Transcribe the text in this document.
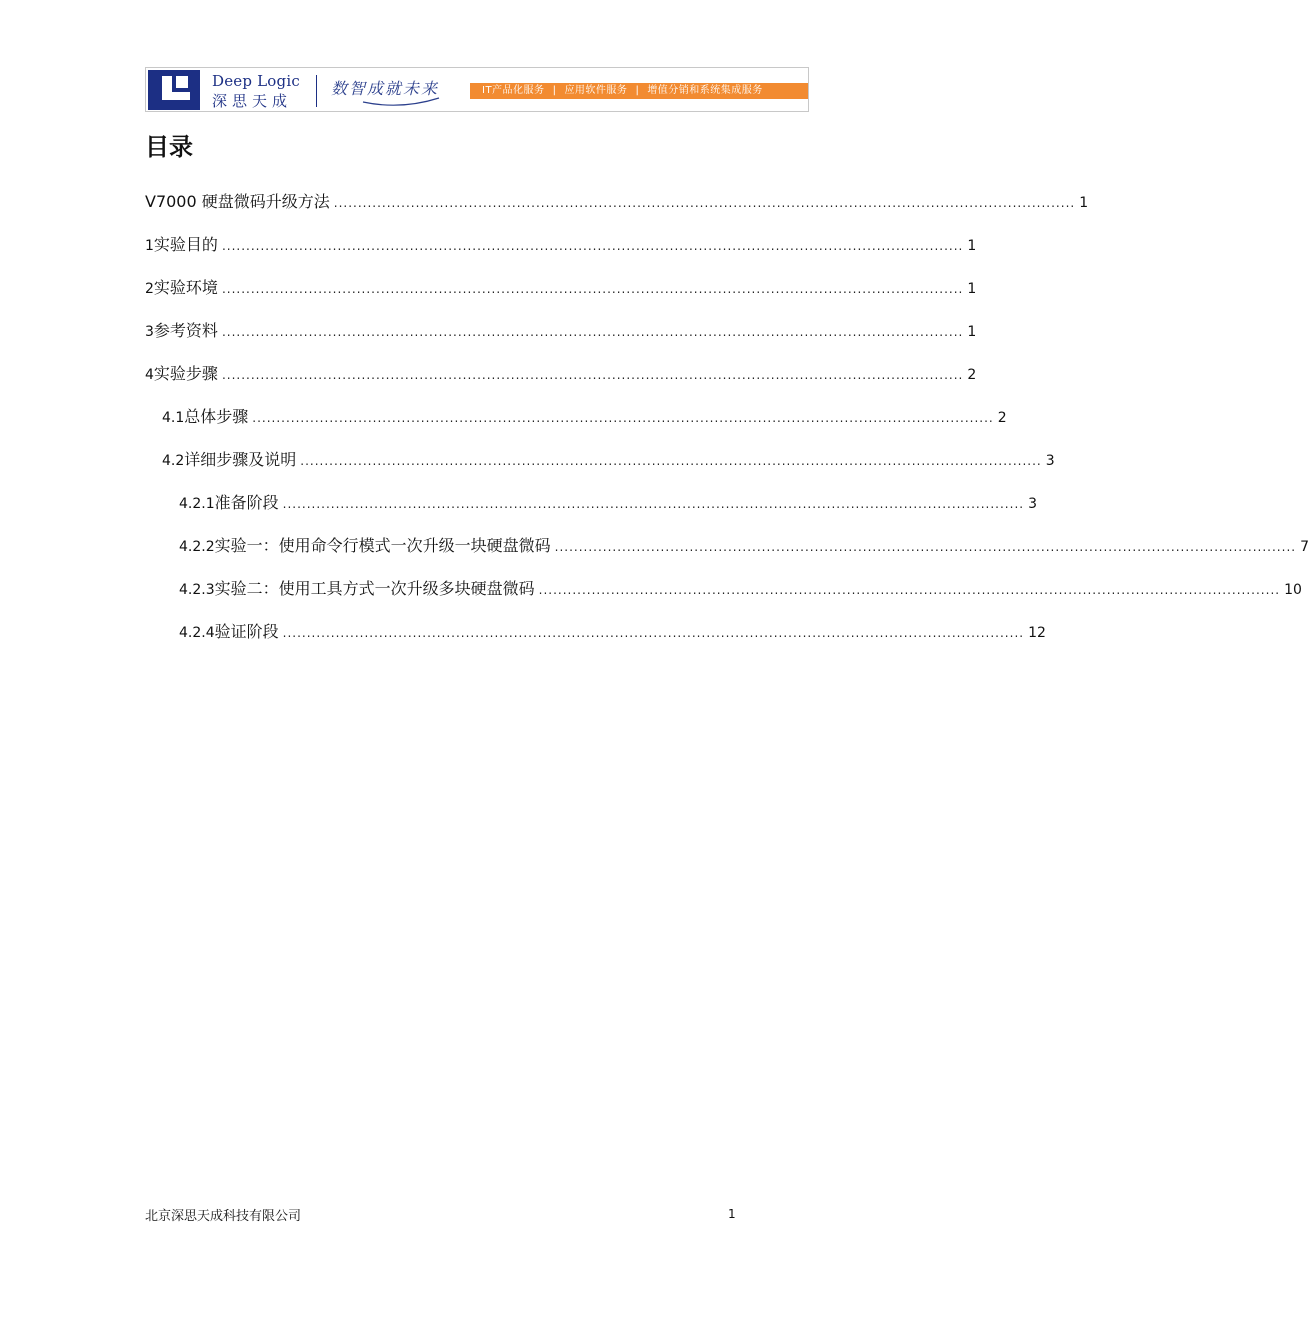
Deep Logic
深思天成
数智成就未来	IT产品化服务 | 应用软件服务 | 增值分销和系统集成服务
目录
V7000 硬盘微码升级方法 .......................................................................................................................................................... 1
1 实验目的 .......................................................................................................................................................... 1
2 实验环境 .......................................................................................................................................................... 1
3 参考资料 .......................................................................................................................................................... 1
4 实验步骤 .......................................................................................................................................................... 2
4.1 总体步骤 .......................................................................................................................................................... 2
4.2 详细步骤及说明 .......................................................................................................................................................... 3
4.2.1 准备阶段 .......................................................................................................................................................... 3
4.2.2 实验一：使用命令行模式一次升级一块硬盘微码 .......................................................................................................................................................... 7
4.2.3 实验二：使用工具方式一次升级多块硬盘微码 .......................................................................................................................................................... 10
4.2.4 验证阶段 .......................................................................................................................................................... 12
北京深思天成科技有限公司	1
